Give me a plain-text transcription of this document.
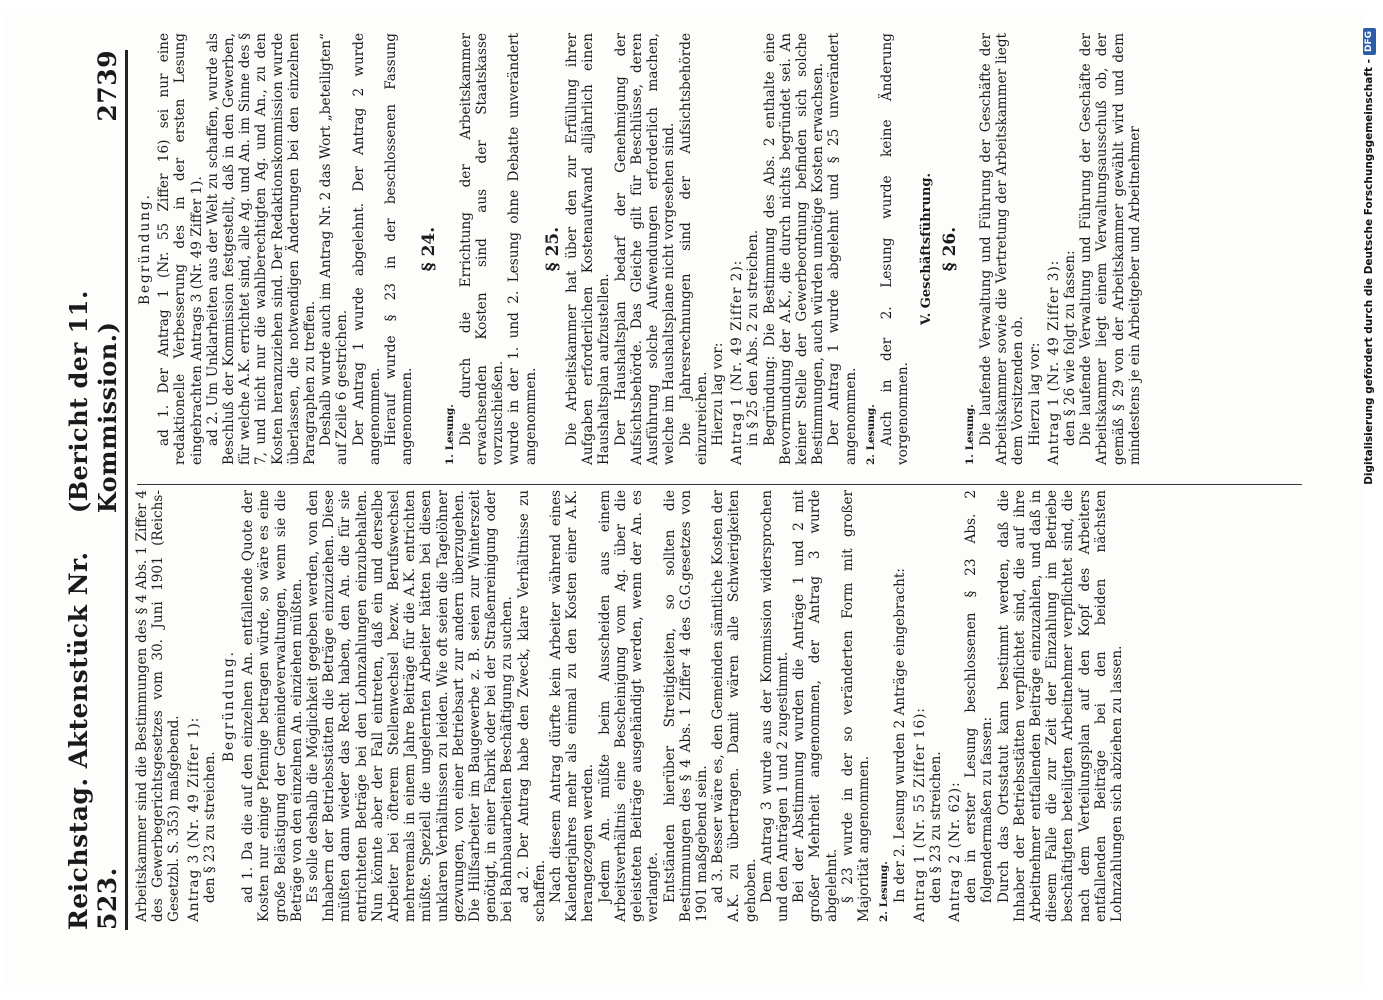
Reichstag. Aktenstück Nr. 523.
(Bericht der 11. Kommission.)
2739

Arbeitskammer sind die Bestimmungen des § 4 Abs. 1 Ziffer 4 des Gewerbegerichtsgesetzes vom 30. Juni 1901 (Reichs-Gesetzbl. S. 353) maßgebend. Antrag 3 (Nr. 49 Ziffer 1): den § 23 zu streichen.

Begründung. ad 1. Da die auf den einzelnen An. entfallende Quote der Kosten nur einige Pfennige betragen würde, so wäre es eine große Belästigung der Gemeindeverwaltungen, wenn sie die Beträge von den einzelnen An. einziehen müßten. Es solle deshalb die Möglichkeit gegeben werden, von den Inhabern der Betriebsstätten die Beträge einzuziehen. Diese müßten dann wieder das Recht haben, den An. die für sie entrichteten Beträge bei den Lohnzahlungen einzubehalten. Nun könnte aber der Fall eintreten, daß ein und derselbe Arbeiter bei öfterem Stellenwechsel bezw. Berufswechsel mehreremals in einem Jahre Beiträge für die A.K. entrichten müßte. Speziell die ungelernten Arbeiter hätten bei diesen unklaren Verhältnissen zu leiden. Wie oft seien die Tagelöhner gezwungen, von einer Betriebsart zur andern überzugehen. Die Hilfsarbeiter im Baugewerbe z. B. seien zur Winterszeit genötigt, in einer Fabrik oder bei der Straßenreinigung oder bei Bahnbauarbeiten Beschäftigung zu suchen. ad 2. Der Antrag habe den Zweck, klare Verhältnisse zu schaffen. Nach diesem Antrag dürfte kein Arbeiter während eines Kalenderjahres mehr als einmal zu den Kosten einer A.K. herangezogen werden. Jedem An. müßte beim Ausscheiden aus einem Arbeitsverhältnis eine Bescheinigung vom Ag. über die geleisteten Beiträge ausgehändigt werden, wenn der An. es verlangte. Entständen hierüber Streitigkeiten, so sollten die Bestimmungen des § 4 Abs. 1 Ziffer 4 des G.G.gesetzes von 1901 maßgebend sein. ad 3. Besser wäre es, den Gemeinden sämtliche Kosten der A.K. zu übertragen. Damit wären alle Schwierigkeiten gehoben. Dem Antrag 3 wurde aus der Kommission widersprochen und den Anträgen 1 und 2 zugestimmt. Bei der Abstimmung wurden die Anträge 1 und 2 mit großer Mehrheit angenommen, der Antrag 3 wurde abgelehnt. § 23 wurde in der so veränderten Form mit großer Majorität angenommen. 2. Lesung. In der 2. Lesung wurden 2 Anträge eingebracht: Antrag 1 (Nr. 55 Ziffer 16): den § 23 zu streichen. Antrag 2 (Nr. 62): den in erster Lesung beschlossenen § 23 Abs. 2 folgendermaßen zu fassen: Durch das Ortsstatut kann bestimmt werden, daß die Inhaber der Betriebsstätten verpflichtet sind, die auf ihre Arbeitnehmer entfallenden Beiträge einzuzahlen, und daß in diesem Falle die zur Zeit der Einzahlung im Betriebe beschäftigten beteiligten Arbeitnehmer verpflichtet sind, die nach dem Verteilungsplan auf den Kopf des Arbeiters entfallenden Beiträge bei den beiden nächsten Lohnzahlungen sich abziehen zu lassen.

Begründung. ad 1. Der Antrag 1 (Nr. 55 Ziffer 16) sei nur eine redaktionelle Verbesserung des in der ersten Lesung eingebrachten Antrags 3 (Nr. 49 Ziffer 1). ad 2. Um Unklarheiten aus der Welt zu schaffen, wurde als Beschluß der Kommission festgestellt, daß in den Gewerben, für welche A.K. errichtet sind, alle Ag. und An. im Sinne des § 7, und nicht nur die wahlberechtigten Ag. und An., zu den Kosten heranzuziehen sind. Der Redaktionskommission wurde überlassen, die notwendigen Änderungen bei den einzelnen Paragraphen zu treffen. Deshalb wurde auch im Antrag Nr. 2 das Wort „beteiligten“ auf Zeile 6 gestrichen. Der Antrag 1 wurde abgelehnt. Der Antrag 2 wurde angenommen. Hierauf wurde § 23 in der beschlossenen Fassung angenommen.

§ 24.

1. Lesung. Die durch die Errichtung der Arbeitskammer erwachsenden Kosten sind aus der Staatskasse vorzuschießen. wurde in der 1. und 2. Lesung ohne Debatte unverändert angenommen.

§ 25. Die Arbeitskammer hat über den zur Erfüllung ihrer Aufgaben erforderlichen Kostenaufwand alljährlich einen Haushaltsplan aufzustellen. Der Haushaltsplan bedarf der Genehmigung der Aufsichtsbehörde. Das Gleiche gilt für Beschlüsse, deren Ausführung solche Aufwendungen erforderlich machen, welche im Haushaltsplane nicht vorgesehen sind. Die Jahresrechnungen sind der Aufsichtsbehörde einzureichen. Hierzu lag vor: Antrag 1 (Nr. 49 Ziffer 2): in § 25 den Abs. 2 zu streichen. Begründung: Die Bestimmung des Abs. 2 enthalte eine Bevormundung der A.K., die durch nichts begründet sei. An keiner Stelle der Gewerbeordnung befinden sich solche Bestimmungen, auch würden unnötige Kosten erwachsen. Der Antrag 1 wurde abgelehnt und § 25 unverändert angenommen. 2. Lesung. Auch in der 2. Lesung wurde keine Änderung vorgenommen.

V. Geschäftsführung. § 26.

1. Lesung. Die laufende Verwaltung und Führung der Geschäfte der Arbeitskammer sowie die Vertretung der Arbeitskammer liegt dem Vorsitzenden ob. Hierzu lag vor: Antrag 1 (Nr. 49 Ziffer 3): den § 26 wie folgt zu fassen: Die laufende Verwaltung und Führung der Geschäfte der Arbeitskammer liegt einem Verwaltungsausschuß ob, der gemäß § 29 von der Arbeitskammer gewählt wird und dem mindestens je ein Arbeitgeber und Arbeitnehmer	Digitalisierung gefördert durch die Deutsche Forschungsgemeinschaft -
DFG
